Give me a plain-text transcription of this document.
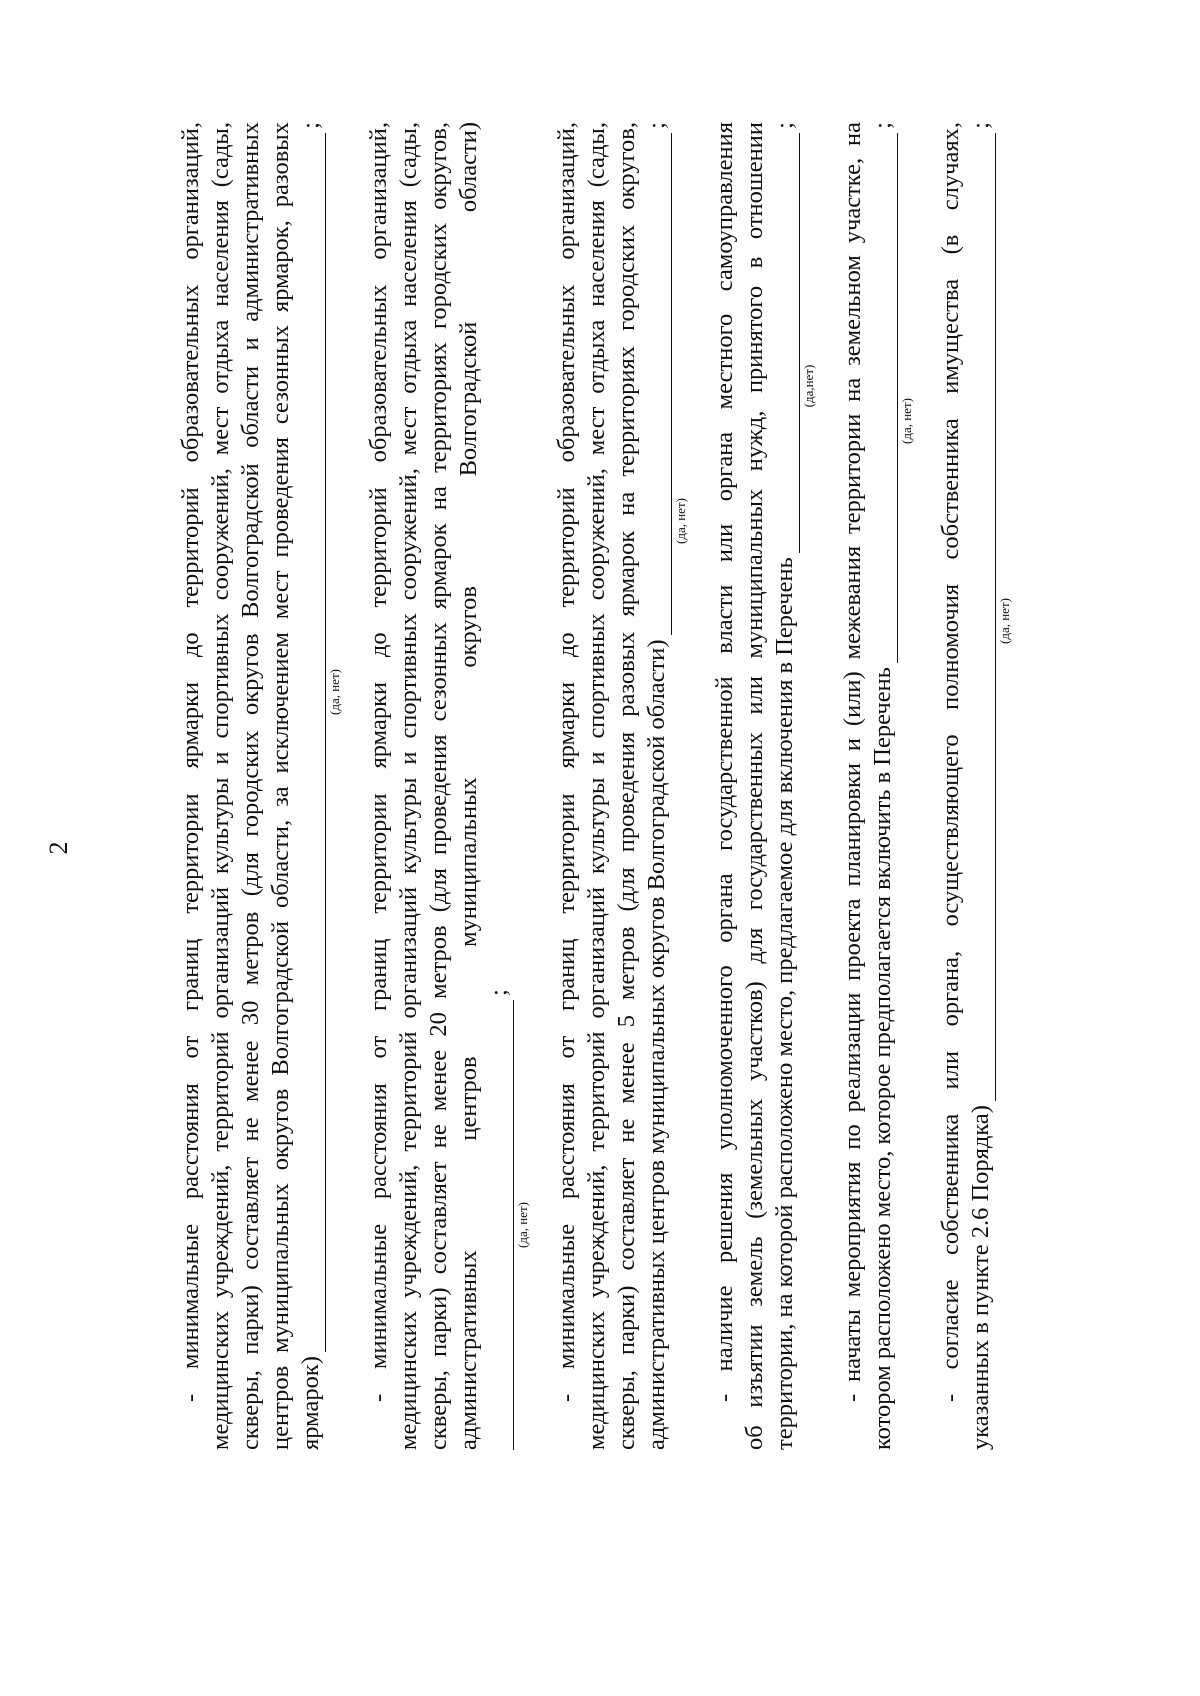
2	- минимальные расстояния от границ территории ярмарки до территорий образовательных организаций, медицинских учреждений, территорий организаций культуры и спортивных сооружений, мест отдыха населения (сады, скверы, парки) составляет не менее 30 метров (для городских округов Волгоградской области и административных центров муниципальных округов Волгоградской области, за исключением мест проведения сезонных ярмарок, разовых ярмарок)
;
(да, нет) - минимальные расстояния от границ территории ярмарки до территорий образовательных организаций, медицинских учреждений, территорий организаций культуры и спортивных сооружений, мест отдыха населения (сады, скверы, парки) составляет не менее 20 метров (для проведения сезонных ярмарок на территориях городских округов, административных
центров
муниципальных
округов
Волгоградской
области)
;
(да, нет) - минимальные расстояния от границ территории ярмарки до территорий образовательных организаций, медицинских учреждений, территорий организаций культуры и спортивных сооружений, мест отдыха населения (сады, скверы, парки) составляет не менее 5 метров (для проведения разовых ярмарок на территориях городских округов, административных центров муниципальных округов Волгоградской области)
;
(да, нет) - наличие решения уполномоченного органа государственной власти или органа местного самоуправления об изъятии земель (земельных участков) для государственных или муниципальных нужд, принятого в отношении территории, на которой расположено место, предлагаемое для включения в Перечень
;
(да,нет) - начаты мероприятия по реализации проекта планировки и (или) межевания территории на земельном участке, на котором расположено место, которое предполагается включить в Перечень
;
(да, нет) - согласие собственника или органа, осуществляющего полномочия собственника имущества (в случаях, указанных в пункте 2.6 Порядка)
;
(да, нет)
